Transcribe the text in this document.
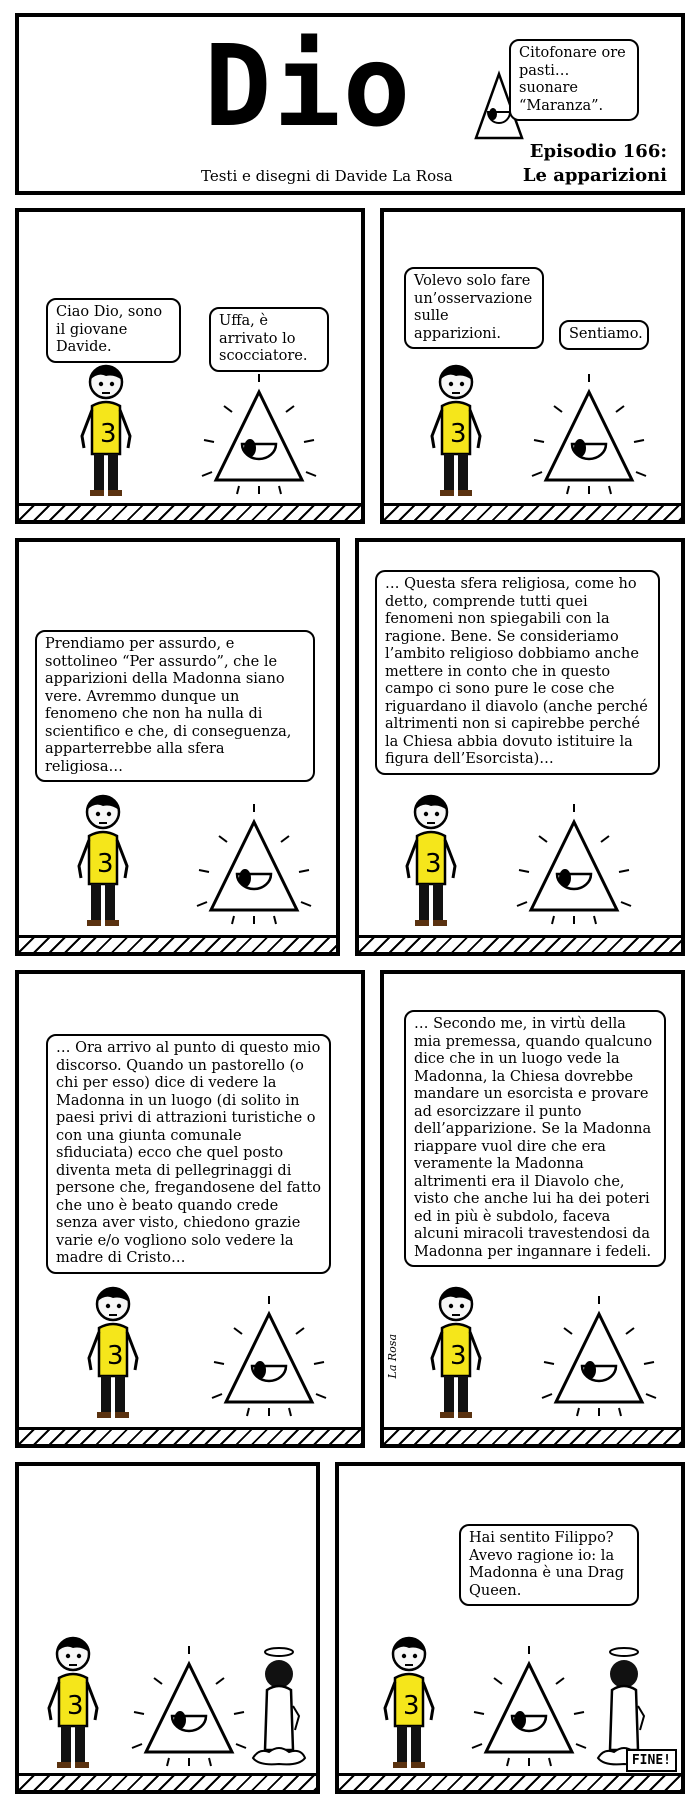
Dio	Citofonare ore pasti… suonare “Maranza”.
Testi e disegni di Davide La Rosa
Episodio 166:
Le apparizioni
Ciao Dio, sono il giovane Davide.
Uffa, è arrivato lo scocciatore.
3
Volevo solo fare un’osservazione sulle apparizioni.	Sentiamo.
3
Prendiamo per assurdo, e sottolineo “Per assurdo”, che le apparizioni della Madonna siano vere. Avremmo dunque un fenomeno che non ha nulla di scientifico e che, di conseguenza, apparterrebbe alla sfera religiosa…
3
… Questa sfera religiosa, come ho detto, comprende tutti quei fenomeni non spiegabili con la ragione. Bene. Se consideriamo l’ambito religioso dobbiamo anche mettere in conto che in questo campo ci sono pure le cose che riguardano il diavolo (anche perché altrimenti non si capirebbe perché la Chiesa abbia dovuto istituire la figura dell’Esorcista)…
3
… Ora arrivo al punto di questo mio discorso. Quando un pastorello (o chi per esso) dice di vedere la Madonna in un luogo (di solito in paesi privi di attrazioni turistiche o con una giunta comunale sfiduciata) ecco che quel posto diventa meta di pellegrinaggi di persone che, fregandosene del fatto che uno è beato quando crede senza aver visto, chiedono grazie varie e/o vogliono solo vedere la madre di Cristo…
3
… Secondo me, in virtù della mia premessa, quando qualcuno dice che in un luogo vede la Madonna, la Chiesa dovrebbe mandare un esorcista e provare ad esorcizzare il punto dell’apparizione. Se la Madonna riappare vuol dire che era veramente la Madonna altrimenti era il Diavolo che, visto che anche lui ha dei poteri ed in più è subdolo, faceva alcuni miracoli travestendosi da Madonna per ingannare i fedeli.
3
La Rosa
3
Hai sentito Filippo? Avevo ragione io: la Madonna è una Drag Queen.
3
FINE!
